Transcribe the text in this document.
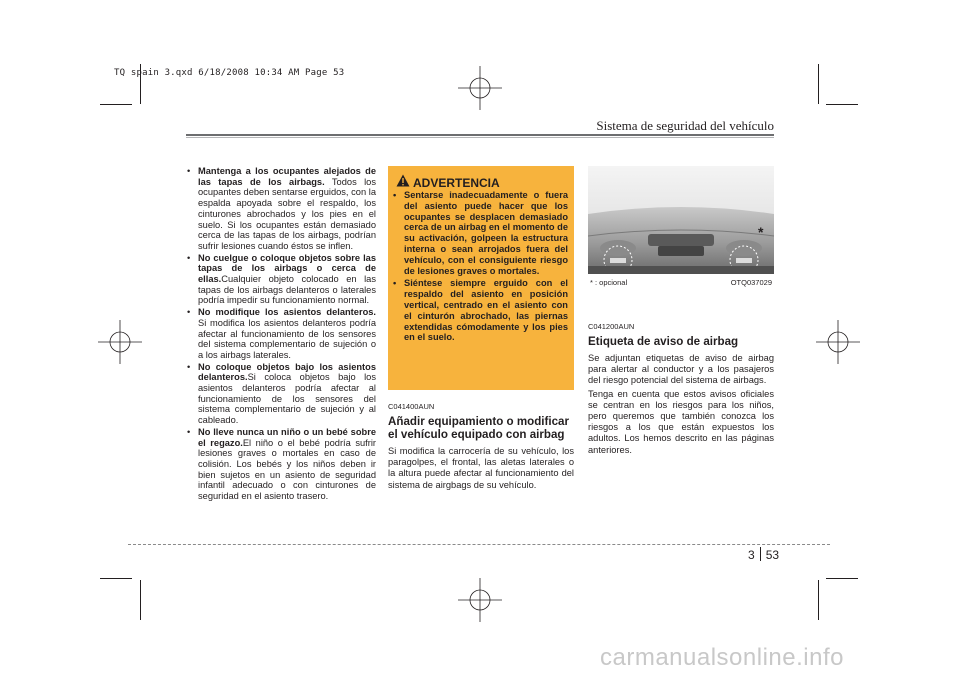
TQ spain 3.qxd 6/18/2008 10:34 AM Page 53
Sistema de seguridad del vehículo
• Mantenga a los ocupantes alejados de las tapas de los airbags. Todos los ocupantes deben sentarse erguidos, con la espalda apoyada sobre el respaldo, los cinturones abrochados y los pies en el suelo. Si los ocupantes están demasiado cerca de las tapas de los airbags, podrían sufrir lesiones cuando éstos se inflen.
• No cuelgue o coloque objetos sobre las tapas de los airbags o cerca de ellas.Cualquier objeto colocado en las tapas de los airbags delanteros o laterales podría impedir su funcionamiento normal.
• No modifique los asientos delanteros. Si modifica los asientos delanteros podría afectar al funcionamiento de los sensores del sistema complementario de sujeción o a los airbags laterales.
• No coloque objetos bajo los asientos delanteros.Si coloca objetos bajo los asientos delanteros podría afectar al funcionamiento de los sensores del sistema complementario de sujeción y al cableado.
• No lleve nunca un niño o un bebé sobre el regazo.El niño o el bebé podría sufrir lesiones graves o mortales en caso de colisión. Los bebés y los niños deben ir bien sujetos en un asiento de seguridad infantil adecuado o con cinturones de seguridad en el asiento trasero.
ADVERTENCIA
• Sentarse inadecuadamente o fuera del asiento puede hacer que los ocupantes se desplacen demasiado cerca de un airbag en el momento de su activación, golpeen la estructura interna o sean arrojados fuera del vehículo, con el consiguiente riesgo de lesiones graves o mortales.
• Siéntese siempre erguido con el respaldo del asiento en posición vertical, centrado en el asiento con el cinturón abrochado, las piernas extendidas cómodamente y los pies en el suelo.
C041400AUN
Añadir equipamiento o modificar el vehículo equipado con airbag
Si modifica la carrocería de su vehículo, los paragolpes, el frontal, las aletas laterales o la altura puede afectar al funcionamiento del sistema de airgbags de su vehículo.
*
* : opcional	OTQ037029
C041200AUN
Etiqueta de aviso de airbag
Se adjuntan etiquetas de aviso de airbag para alertar al conductor y a los pasajeros del riesgo potencial del sistema de airbags.
Tenga en cuenta que estos avisos oficiales se centran en los riesgos para los niños, pero queremos que también conozca los riesgos a los que están expuestos los adultos. Los hemos descrito en las páginas anteriores.
3 53
carmanualsonline.info
